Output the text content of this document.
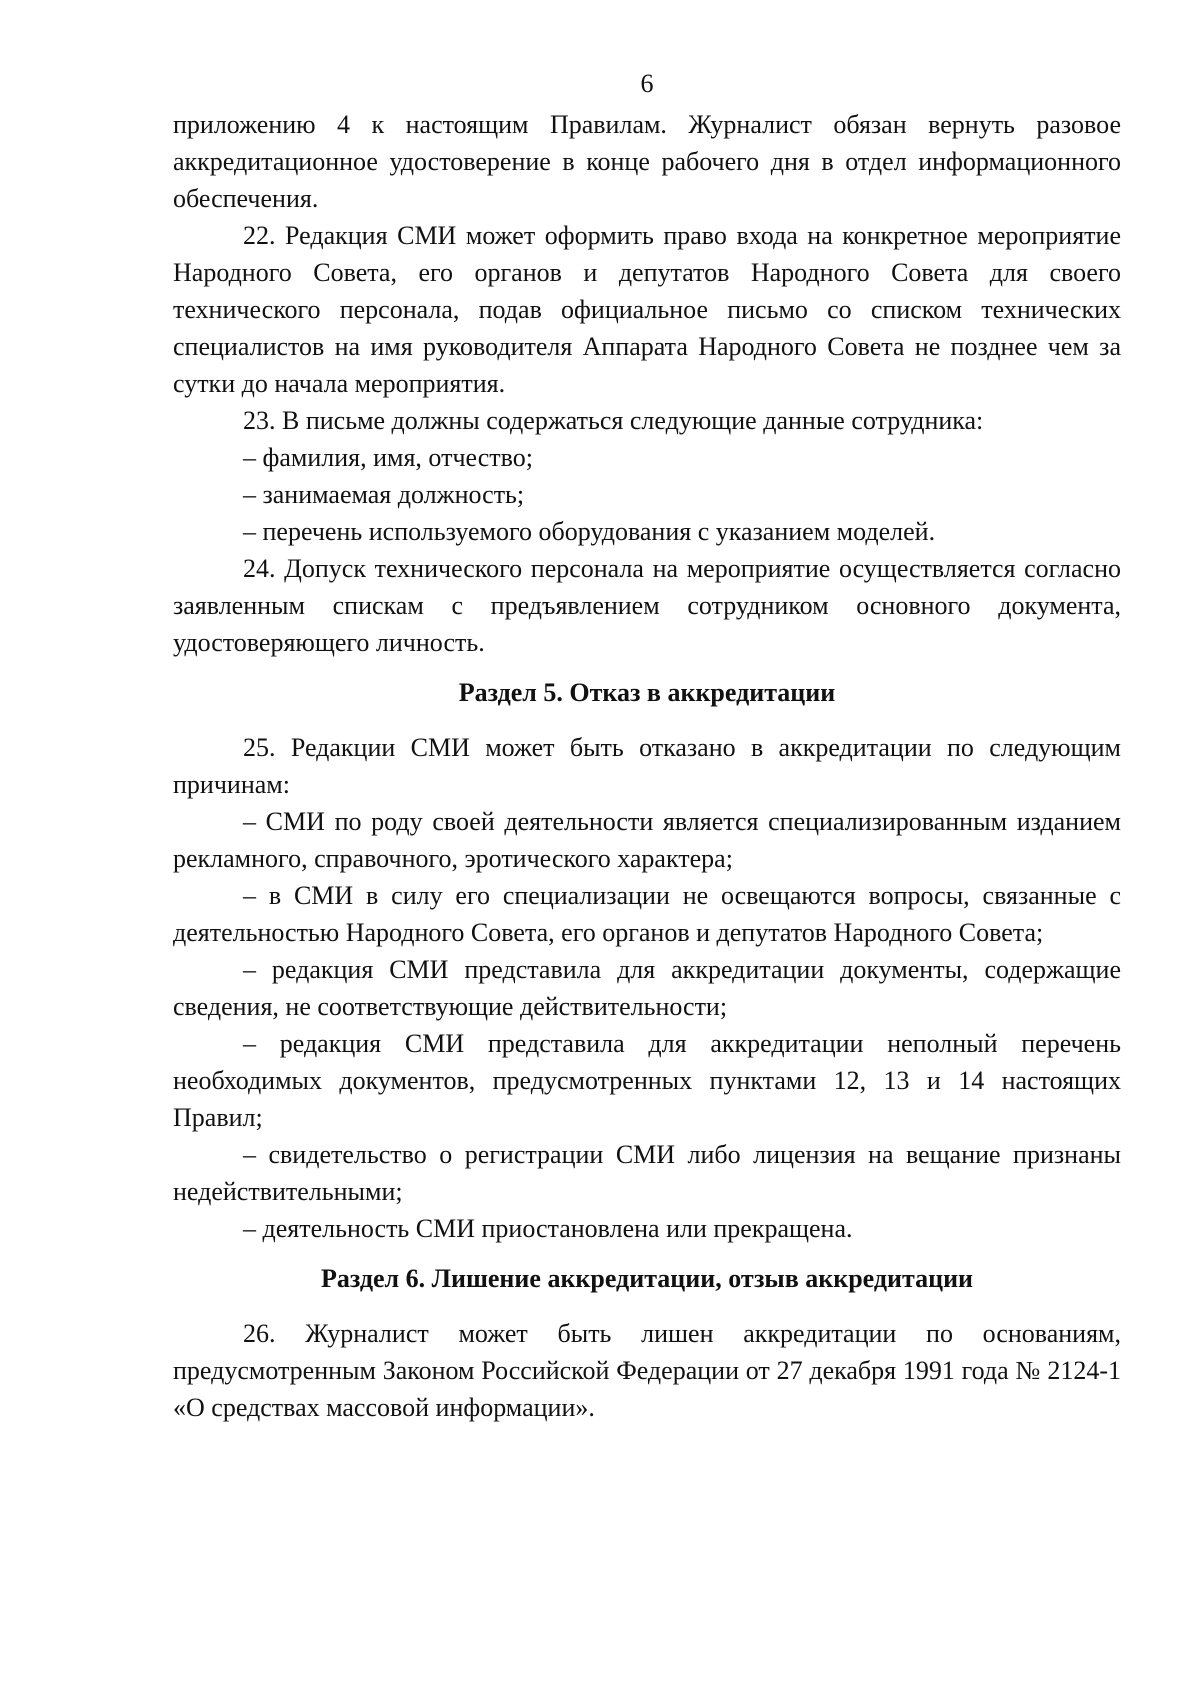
6

приложению 4 к настоящим Правилам. Журналист обязан вернуть разовое аккредитационное удостоверение в конце рабочего дня в отдел информационного обеспечения.

22. Редакция СМИ может оформить право входа на конкретное мероприятие Народного Совета, его органов и депутатов Народного Совета для своего технического персонала, подав официальное письмо со списком технических специалистов на имя руководителя Аппарата Народного Совета не позднее чем за сутки до начала мероприятия.

23. В письме должны содержаться следующие данные сотрудника:

– фамилия, имя, отчество;

– занимаемая должность;

– перечень используемого оборудования с указанием моделей.

24. Допуск технического персонала на мероприятие осуществляется согласно заявленным спискам с предъявлением сотрудником основного документа, удостоверяющего личность.

Раздел 5. Отказ в аккредитации

25. Редакции СМИ может быть отказано в аккредитации по следующим причинам:

– СМИ по роду своей деятельности является специализированным изданием рекламного, справочного, эротического характера;

– в СМИ в силу его специализации не освещаются вопросы, связанные с деятельностью Народного Совета, его органов и депутатов Народного Совета;

– редакция СМИ представила для аккредитации документы, содержащие сведения, не соответствующие действительности;

– редакция СМИ представила для аккредитации неполный перечень необходимых документов, предусмотренных пунктами 12, 13 и 14 настоящих Правил;

– свидетельство о регистрации СМИ либо лицензия на вещание признаны недействительными;

– деятельность СМИ приостановлена или прекращена.

Раздел 6. Лишение аккредитации, отзыв аккредитации

26. Журналист может быть лишен аккредитации по основаниям, предусмотренным Законом Российской Федерации от 27 декабря 1991 года № 2124-1 «О средствах массовой информации».
